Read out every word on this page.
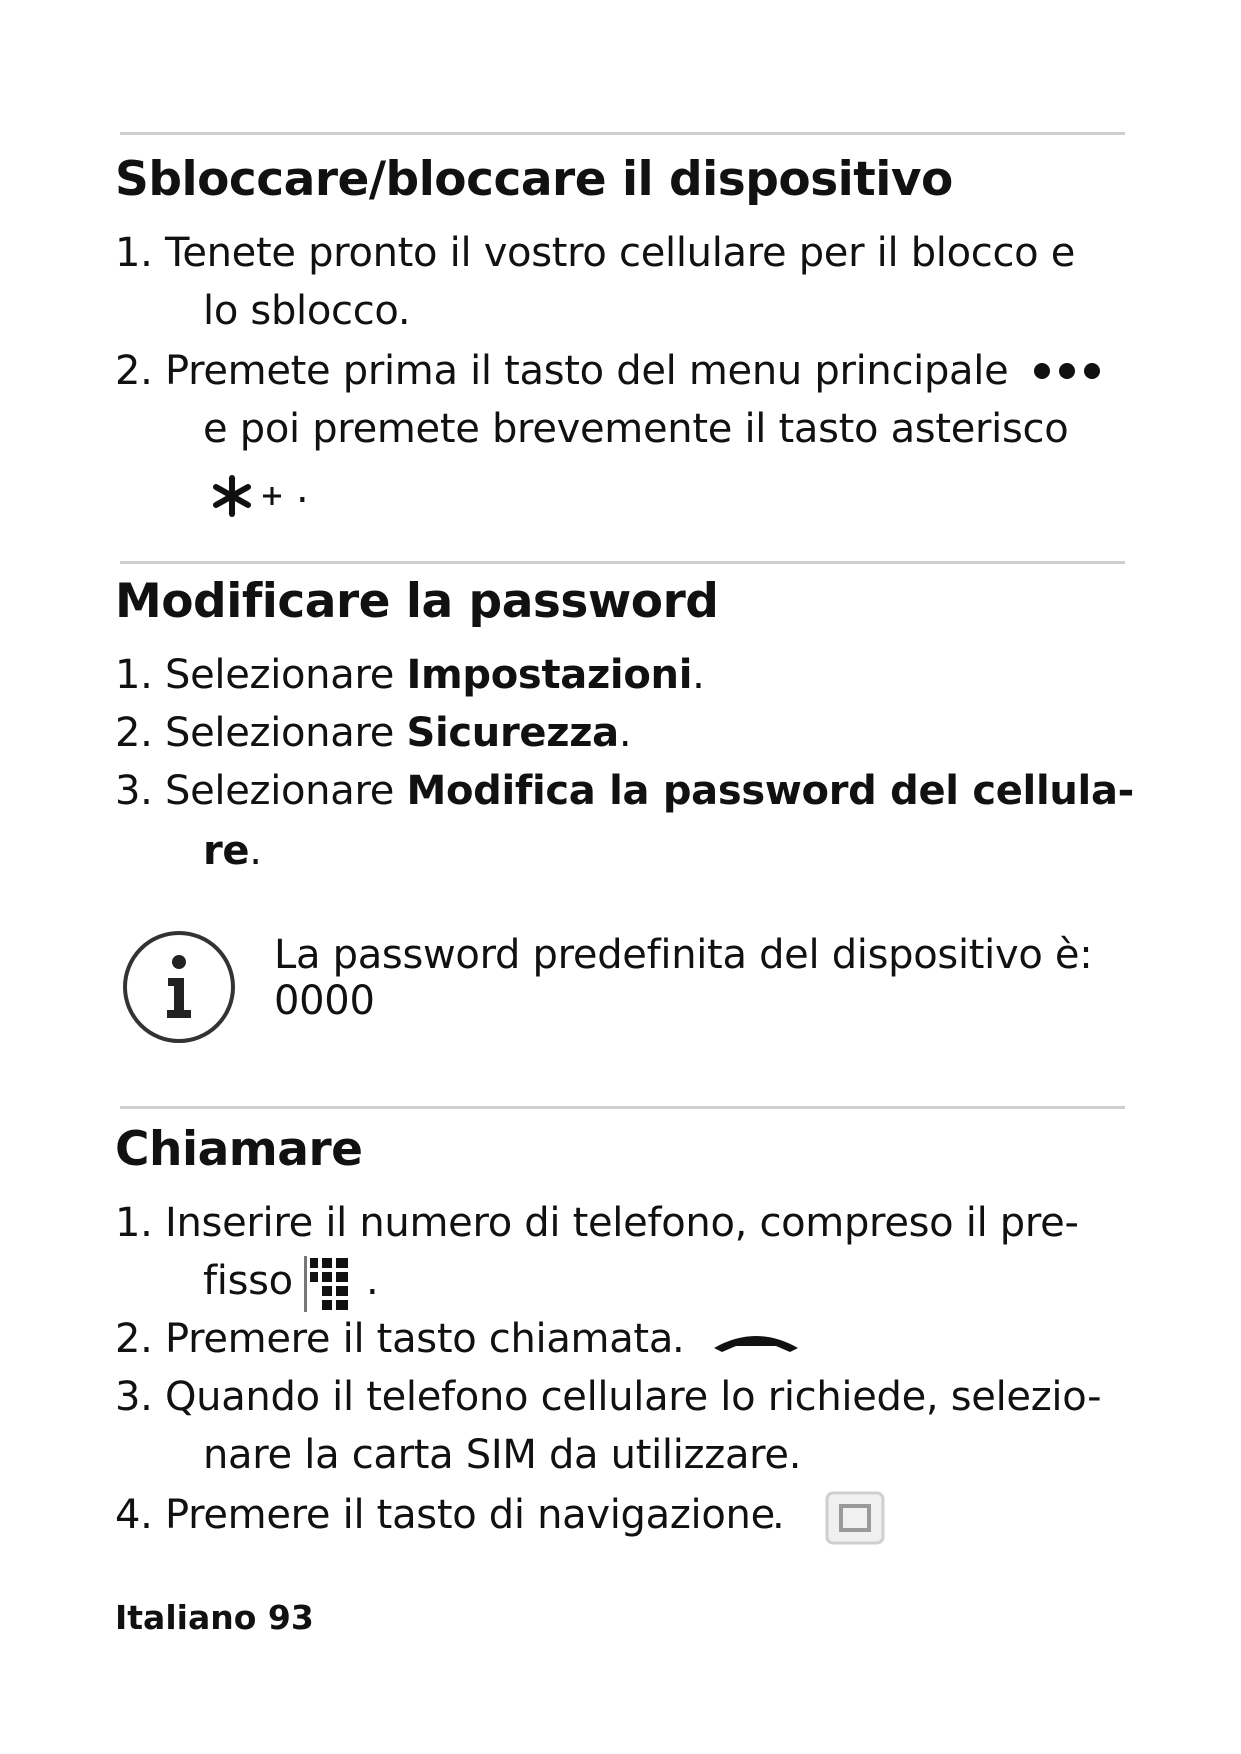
Sbloccare/bloccare il dispositivo

1. Tenete pronto il vostro cellulare per il blocco e

lo sblocco.

2. Premete prima il tasto del menu principale

e poi premete brevemente il tasto asterisco

.
Modificare la password

1. Selezionare Impostazioni.

2. Selezionare Sicurezza.

3. Selezionare Modifica la password del cellula-

re.

La password predefinita del dispositivo è:

0000

Chiamare

1. Inserire il numero di telefono, compreso il pre-

fisso .

2. Premere il tasto chiamata

.

3. Quando il telefono cellulare lo richiede, selezio-

nare la carta SIM da utilizzare.

4. Premere il tasto di navigazione

.

Italiano 93
